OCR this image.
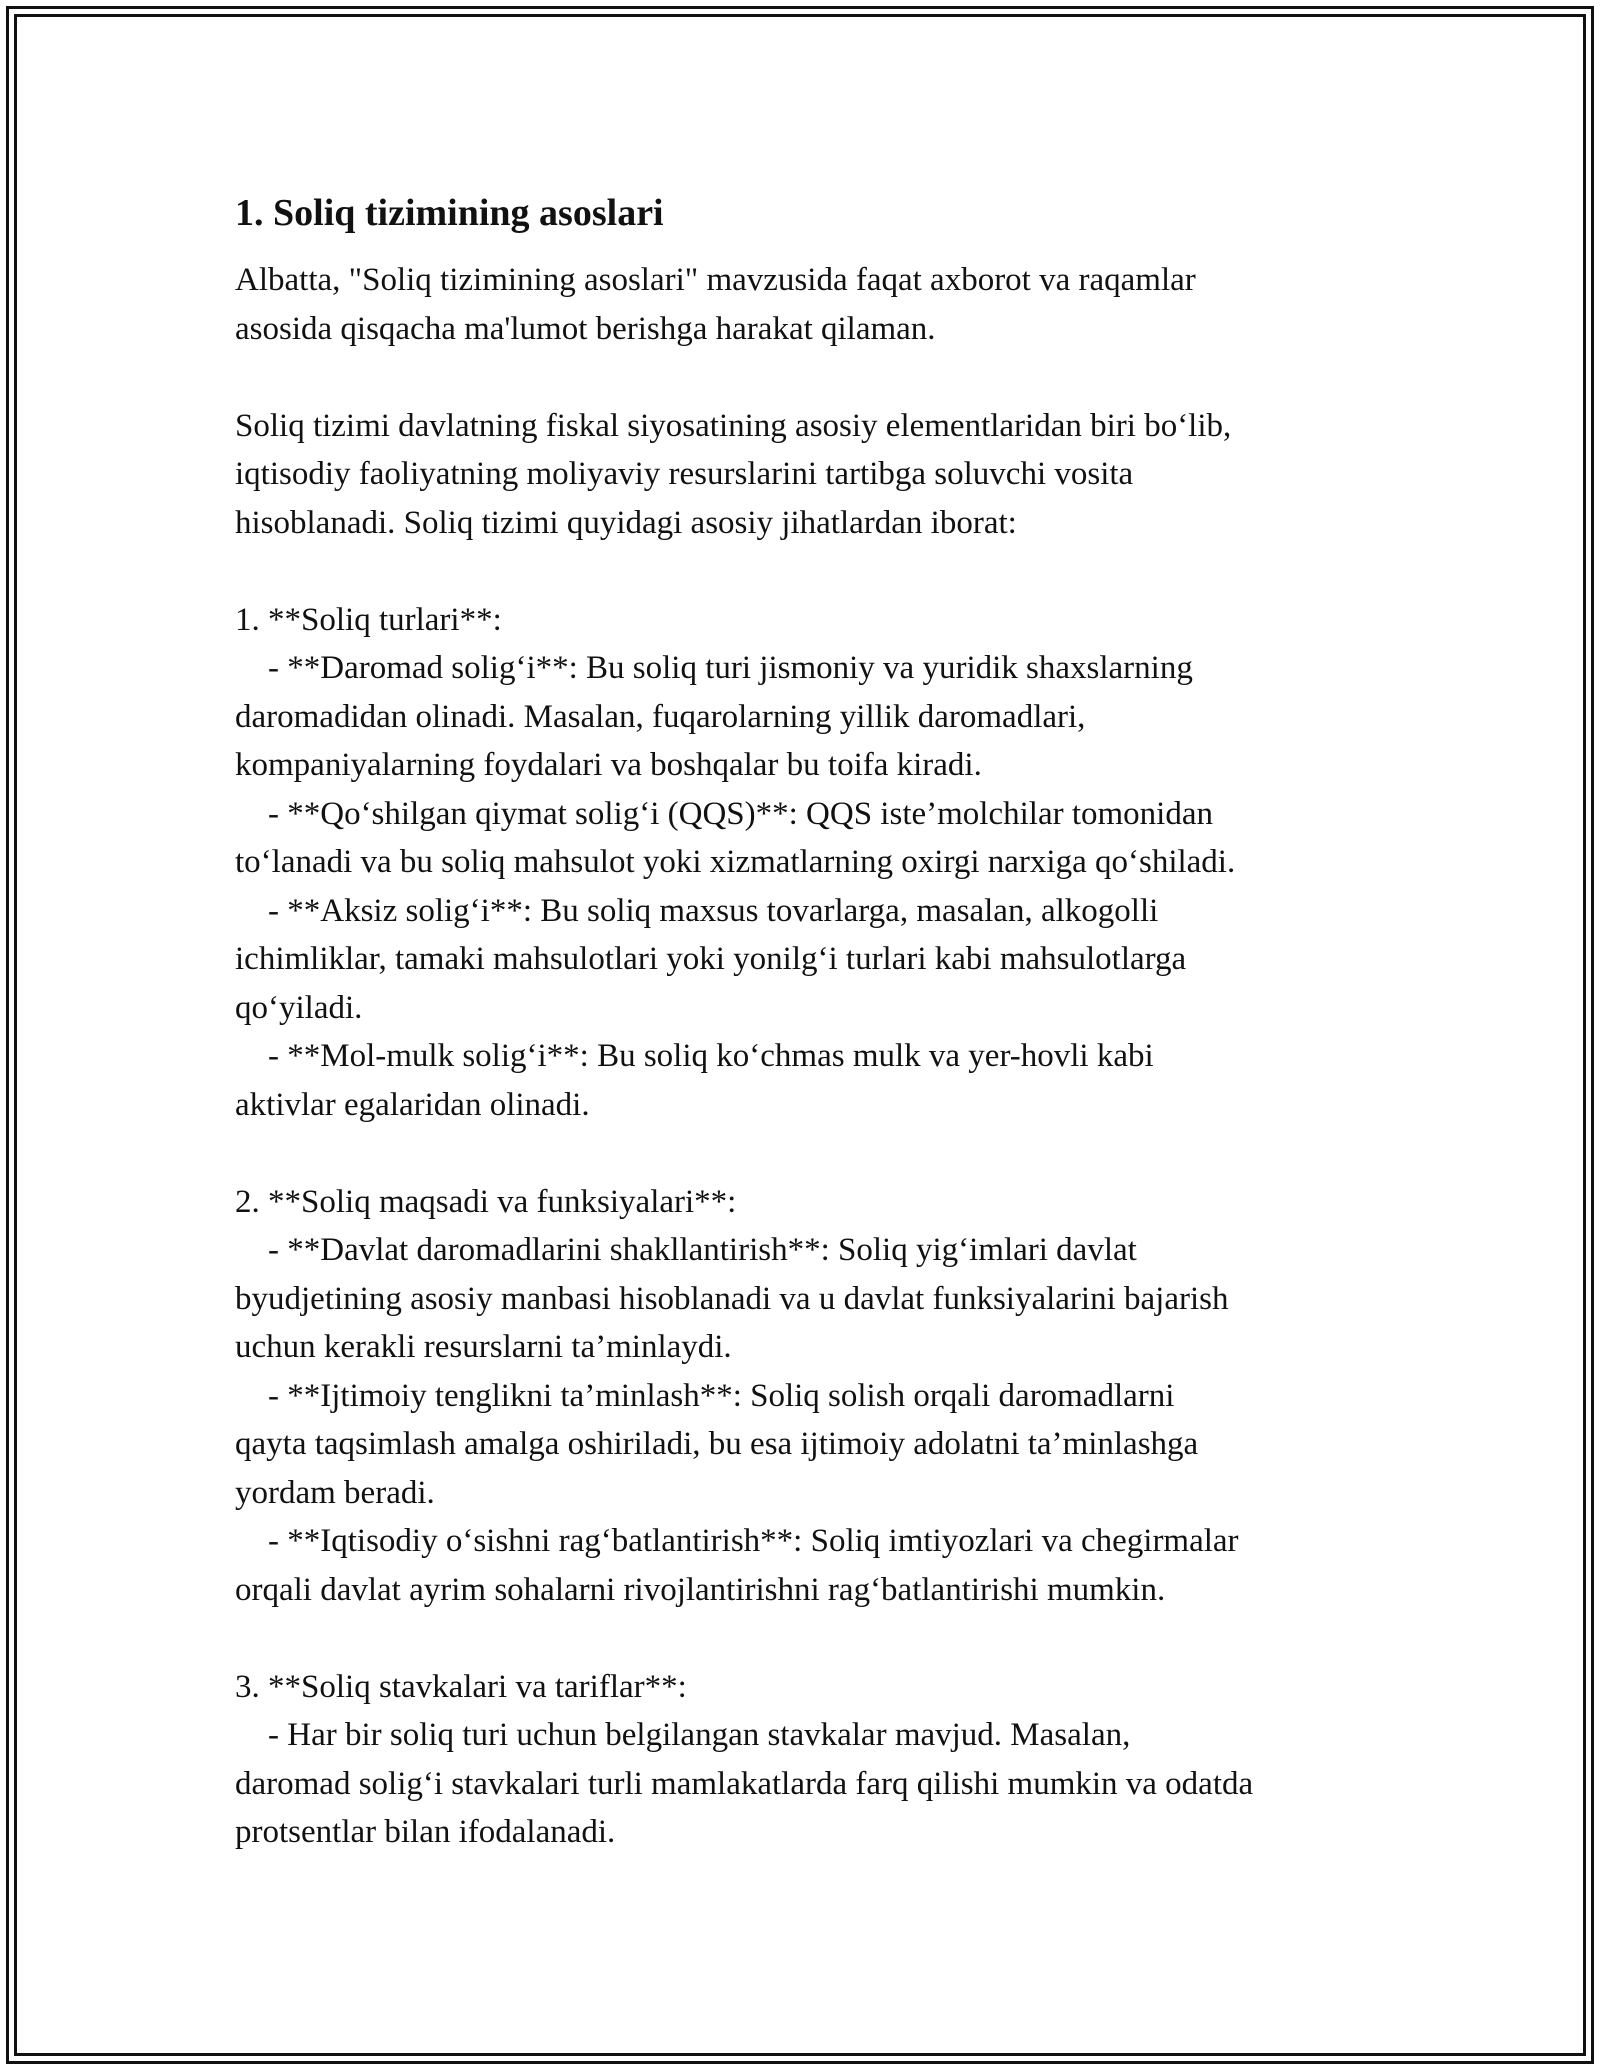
1. Soliq tizimining asoslari
Albatta, "Soliq tizimining asoslari" mavzusida faqat axborot va raqamlar
asosida qisqacha ma'lumot berishga harakat qilaman.
Soliq tizimi davlatning fiskal siyosatining asosiy elementlaridan biri bo‘lib,
iqtisodiy faoliyatning moliyaviy resurslarini tartibga soluvchi vosita
hisoblanadi. Soliq tizimi quyidagi asosiy jihatlardan iborat:
1. **Soliq turlari**:
- **Daromad solig‘i**: Bu soliq turi jismoniy va yuridik shaxslarning
daromadidan olinadi. Masalan, fuqarolarning yillik daromadlari,
kompaniyalarning foydalari va boshqalar bu toifa kiradi.
- **Qo‘shilgan qiymat solig‘i (QQS)**: QQS iste’molchilar tomonidan
to‘lanadi va bu soliq mahsulot yoki xizmatlarning oxirgi narxiga qo‘shiladi.
- **Aksiz solig‘i**: Bu soliq maxsus tovarlarga, masalan, alkogolli
ichimliklar, tamaki mahsulotlari yoki yonilg‘i turlari kabi mahsulotlarga
qo‘yiladi.
- **Mol-mulk solig‘i**: Bu soliq ko‘chmas mulk va yer-hovli kabi
aktivlar egalaridan olinadi.
2. **Soliq maqsadi va funksiyalari**:
- **Davlat daromadlarini shakllantirish**: Soliq yig‘imlari davlat
byudjetining asosiy manbasi hisoblanadi va u davlat funksiyalarini bajarish
uchun kerakli resurslarni ta’minlaydi.
- **Ijtimoiy tenglikni ta’minlash**: Soliq solish orqali daromadlarni
qayta taqsimlash amalga oshiriladi, bu esa ijtimoiy adolatni ta’minlashga
yordam beradi.
- **Iqtisodiy o‘sishni rag‘batlantirish**: Soliq imtiyozlari va chegirmalar
orqali davlat ayrim sohalarni rivojlantirishni rag‘batlantirishi mumkin.
3. **Soliq stavkalari va tariflar**:
- Har bir soliq turi uchun belgilangan stavkalar mavjud. Masalan,
daromad solig‘i stavkalari turli mamlakatlarda farq qilishi mumkin va odatda
protsentlar bilan ifodalanadi.
